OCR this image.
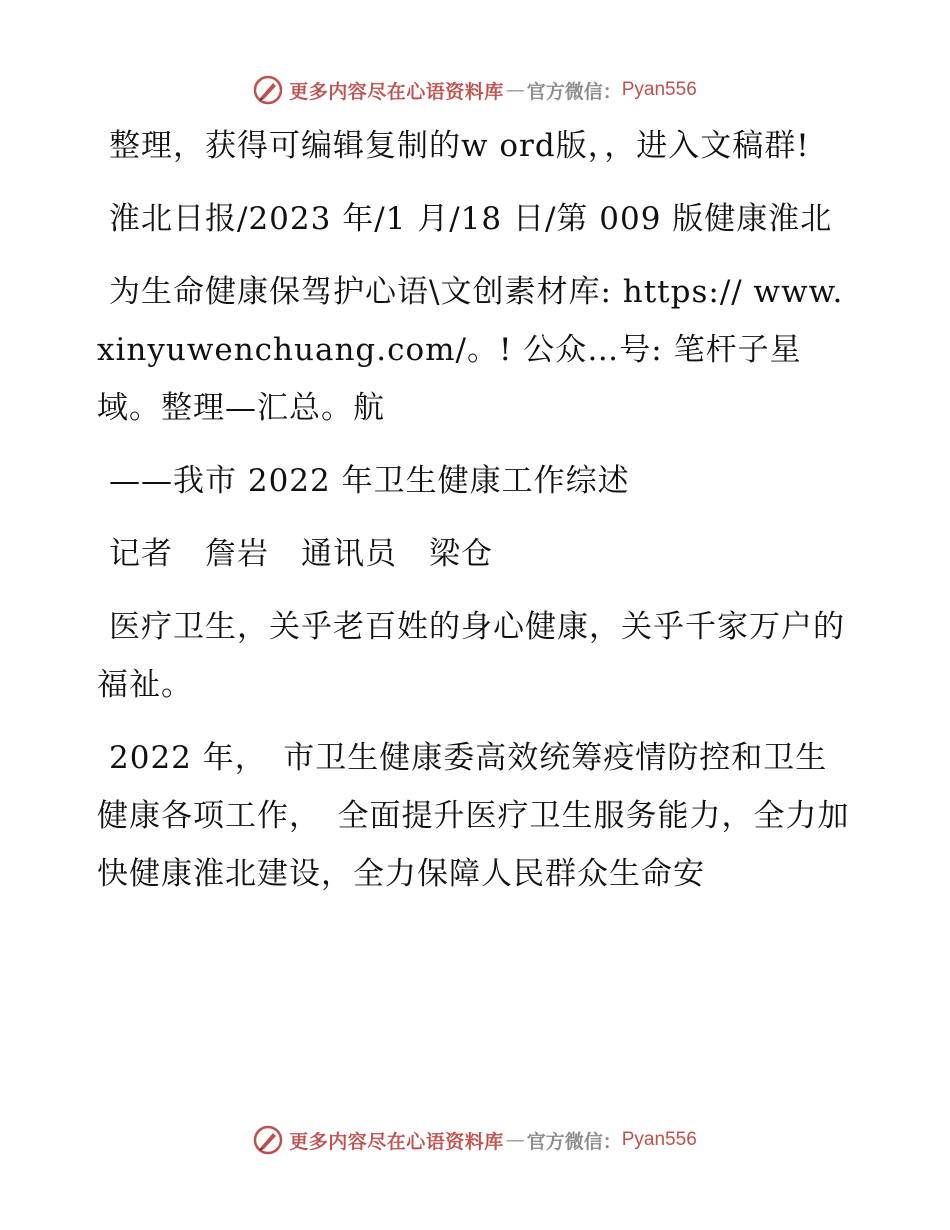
更多内容尽在心语资料库 — 官方微信： Pyan556

整理，获得可编辑复制的w ord版，，进入文稿群!

淮北日报/2023 年/1 月/18 日/第 009 版健康淮北

为生命健康保驾护心语\文创素材库: https:// www.xinyuwenchuang.com/。! 公众…号: 笔杆子星域。整理—汇总。航

——我市 2022 年卫生健康工作综述

记者　詹岩　通讯员　梁仓

医疗卫生，关乎老百姓的身心健康，关乎千家万户的福祉。

2022 年，　市卫生健康委高效统筹疫情防控和卫生健康各项工作，　全面提升医疗卫生服务能力，全力加快健康淮北建设，全力保障人民群众生命安

更多内容尽在心语资料库 — 官方微信： Pyan556
